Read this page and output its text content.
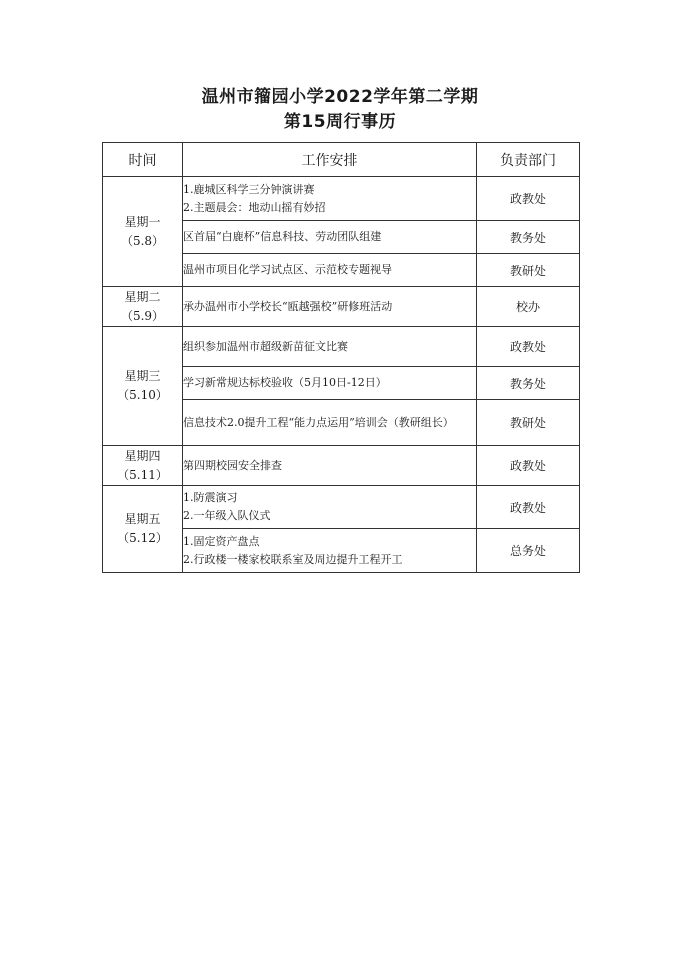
温州市籀园小学2022学年第二学期
第15周行事历
时间	工作安排	负责部门

星期一
（5.8）	1.鹿城区科学三分钟演讲赛
2.主题晨会：地动山摇有妙招	政教处

	区首届“白鹿杯”信息科技、劳动团队组建	教务处

	温州市项目化学习试点区、示范校专题视导	教研处

星期二
（5.9）	承办温州市小学校长“瓯越强校”研修班活动	校办

星期三
（5.10）	组织参加温州市超级新苗征文比赛	政教处

	学习新常规达标校验收（5月10日-12日）	教务处

	信息技术2.0提升工程“能力点运用”培训会（教研组长）	教研处

星期四
（5.11）	第四期校园安全排查	政教处

星期五
（5.12）	1.防震演习
2.一年级入队仪式	政教处

	1.固定资产盘点
2.行政楼一楼家校联系室及周边提升工程开工	总务处
